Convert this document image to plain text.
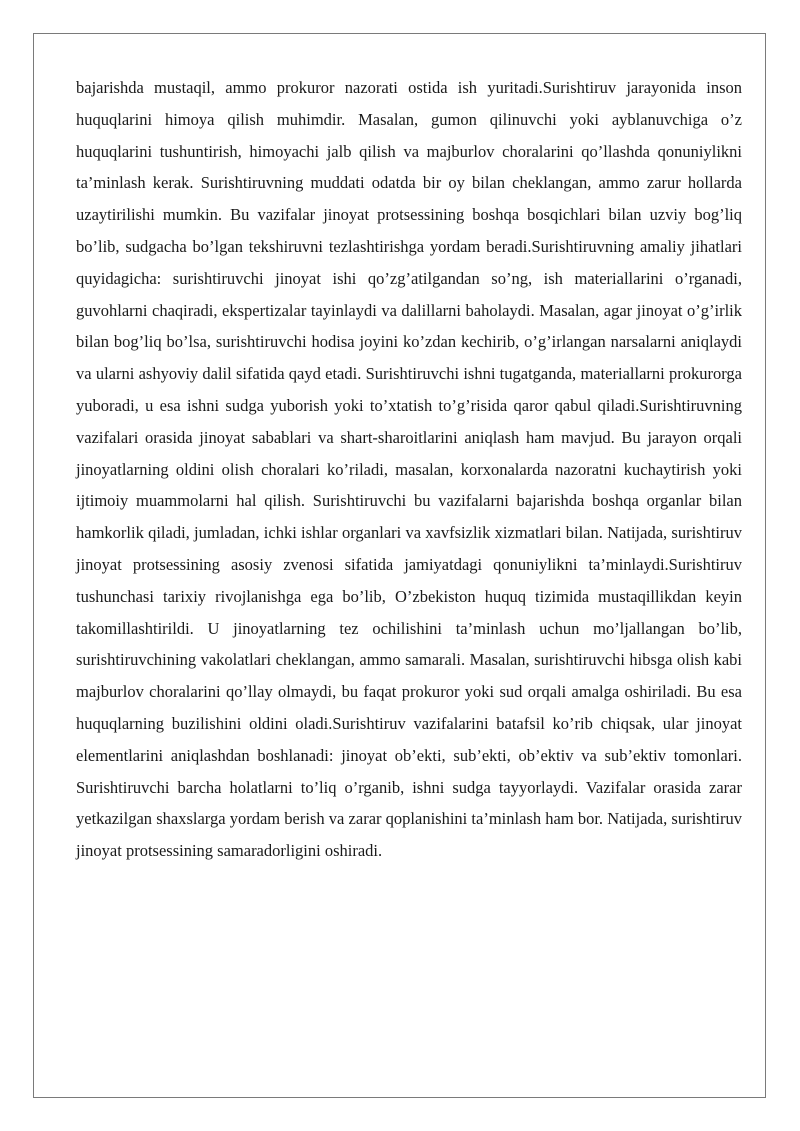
bajarishda mustaqil, ammo prokuror nazorati ostida ish yuritadi.Surishtiruv jarayonida inson huquqlarini himoya qilish muhimdir. Masalan, gumon qilinuvchi yoki ayblanuvchiga o’z huquqlarini tushuntirish, himoyachi jalb qilish va majburlov choralarini qo’llashda qonuniylikni ta’minlash kerak. Surishtiruvning muddati odatda bir oy bilan cheklangan, ammo zarur hollarda uzaytirilishi mumkin. Bu vazifalar jinoyat protsessining boshqa bosqichlari bilan uzviy bog’liq bo’lib, sudgacha bo’lgan tekshiruvni tezlashtirishga yordam beradi.Surishtiruvning amaliy jihatlari quyidagicha: surishtiruvchi jinoyat ishi qo’zg’atilgandan so’ng, ish materiallarini o’rganadi, guvohlarni chaqiradi, ekspertizalar tayinlaydi va dalillarni baholaydi. Masalan, agar jinoyat o’g’irlik bilan bog’liq bo’lsa, surishtiruvchi hodisa joyini ko’zdan kechirib, o’g’irlangan narsalarni aniqlaydi va ularni ashyoviy dalil sifatida qayd etadi. Surishtiruvchi ishni tugatganda, materiallarni prokurorga yuboradi, u esa ishni sudga yuborish yoki to’xtatish to’g’risida qaror qabul qiladi.Surishtiruvning vazifalari orasida jinoyat sabablari va shart-sharoitlarini aniqlash ham mavjud. Bu jarayon orqali jinoyatlarning oldini olish choralari ko’riladi, masalan, korxonalarda nazoratni kuchaytirish yoki ijtimoiy muammolarni hal qilish. Surishtiruvchi bu vazifalarni bajarishda boshqa organlar bilan hamkorlik qiladi, jumladan, ichki ishlar organlari va xavfsizlik xizmatlari bilan. Natijada, surishtiruv jinoyat protsessining asosiy zvenosi sifatida jamiyatdagi qonuniylikni ta’minlaydi.Surishtiruv tushunchasi tarixiy rivojlanishga ega bo’lib, O’zbekiston huquq tizimida mustaqillikdan keyin takomillashtirildi. U jinoyatlarning tez ochilishini ta’minlash uchun mo’ljallangan bo’lib, surishtiruvchining vakolatlari cheklangan, ammo samarali. Masalan, surishtiruvchi hibsga olish kabi majburlov choralarini qo’llay olmaydi, bu faqat prokuror yoki sud orqali amalga oshiriladi. Bu esa huquqlarning buzilishini oldini oladi.Surishtiruv vazifalarini batafsil ko’rib chiqsak, ular jinoyat elementlarini aniqlashdan boshlanadi: jinoyat ob’ekti, sub’ekti, ob’ektiv va sub’ektiv tomonlari. Surishtiruvchi barcha holatlarni to’liq o’rganib, ishni sudga tayyorlaydi. Vazifalar orasida zarar yetkazilgan shaxslarga yordam berish va zarar qoplanishini ta’minlash ham bor. Natijada, surishtiruv jinoyat protsessining samaradorligini oshiradi.
